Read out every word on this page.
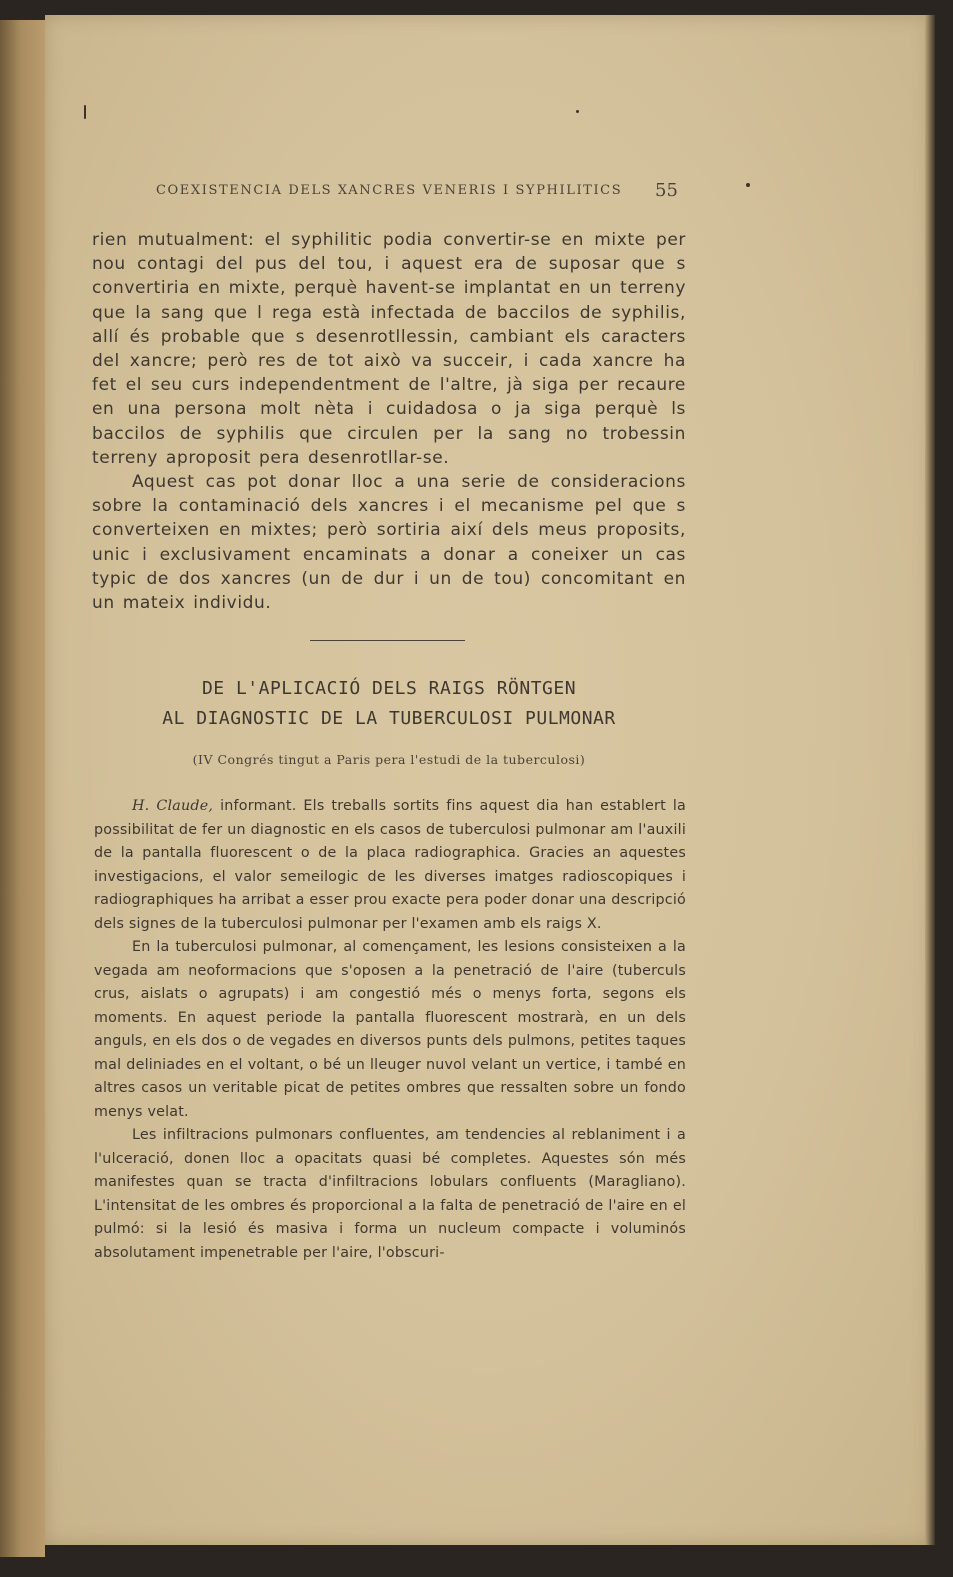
COEXISTENCIA DELS XANCRES VENERIS I SYPHILITICS	55

rien mutualment: el syphilitic podia convertir-se en mixte per nou contagi del pus del tou, i aquest era de suposar que s convertiria en mixte, perquè havent-se implantat en un terreny que la sang que l rega està infectada de baccilos de syphilis, allí és probable que s desenrotllessin, cambiant els caracters del xancre; però res de tot això va succeir, i cada xancre ha fet el seu curs independentment de l'altre, jà siga per recaure en una persona molt nèta i cuidadosa o ja siga perquè ls baccilos de syphilis que circulen per la sang no trobessin terreny aproposit pera desenrotllar-se.

Aquest cas pot donar lloc a una serie de consideracions sobre la contaminació dels xancres i el mecanisme pel que s converteixen en mixtes; però sortiria així dels meus proposits, unic i exclusivament encaminats a donar a coneixer un cas typic de dos xancres (un de dur i un de tou) concomitant en un mateix individu.

DE L'APLICACIÓ DELS RAIGS RÖNTGEN
AL DIAGNOSTIC DE LA TUBERCULOSI PULMONAR
(IV Congrés tingut a Paris pera l'estudi de la tuberculosi)

H. Claude, informant. Els treballs sortits fins aquest dia han establert la possibilitat de fer un diagnostic en els casos de tuberculosi pulmonar am l'auxili de la pantalla fluorescent o de la placa radiographica. Gracies an aquestes investigacions, el valor semeilogic de les diverses imatges radioscopiques i radiographiques ha arribat a esser prou exacte pera poder donar una descripció dels signes de la tuberculosi pulmonar per l'examen amb els raigs X.

En la tuberculosi pulmonar, al començament, les lesions consisteixen a la vegada am neoformacions que s'oposen a la penetració de l'aire (tuberculs crus, aislats o agrupats) i am congestió més o menys forta, segons els moments. En aquest periode la pantalla fluorescent mostrarà, en un dels anguls, en els dos o de vegades en diversos punts dels pulmons, petites taques mal deliniades en el voltant, o bé un lleuger nuvol velant un vertice, i també en altres casos un veritable picat de petites ombres que ressalten sobre un fondo menys velat.

Les infiltracions pulmonars confluentes, am tendencies al reblaniment i a l'ulceració, donen lloc a opacitats quasi bé completes. Aquestes són més manifestes quan se tracta d'infiltracions lobulars confluents (Maragliano). L'intensitat de les ombres és proporcional a la falta de penetració de l'aire en el pulmó: si la lesió és masiva i forma un nucleum compacte i voluminós absolutament impenetrable per l'aire, l'obscuri-
